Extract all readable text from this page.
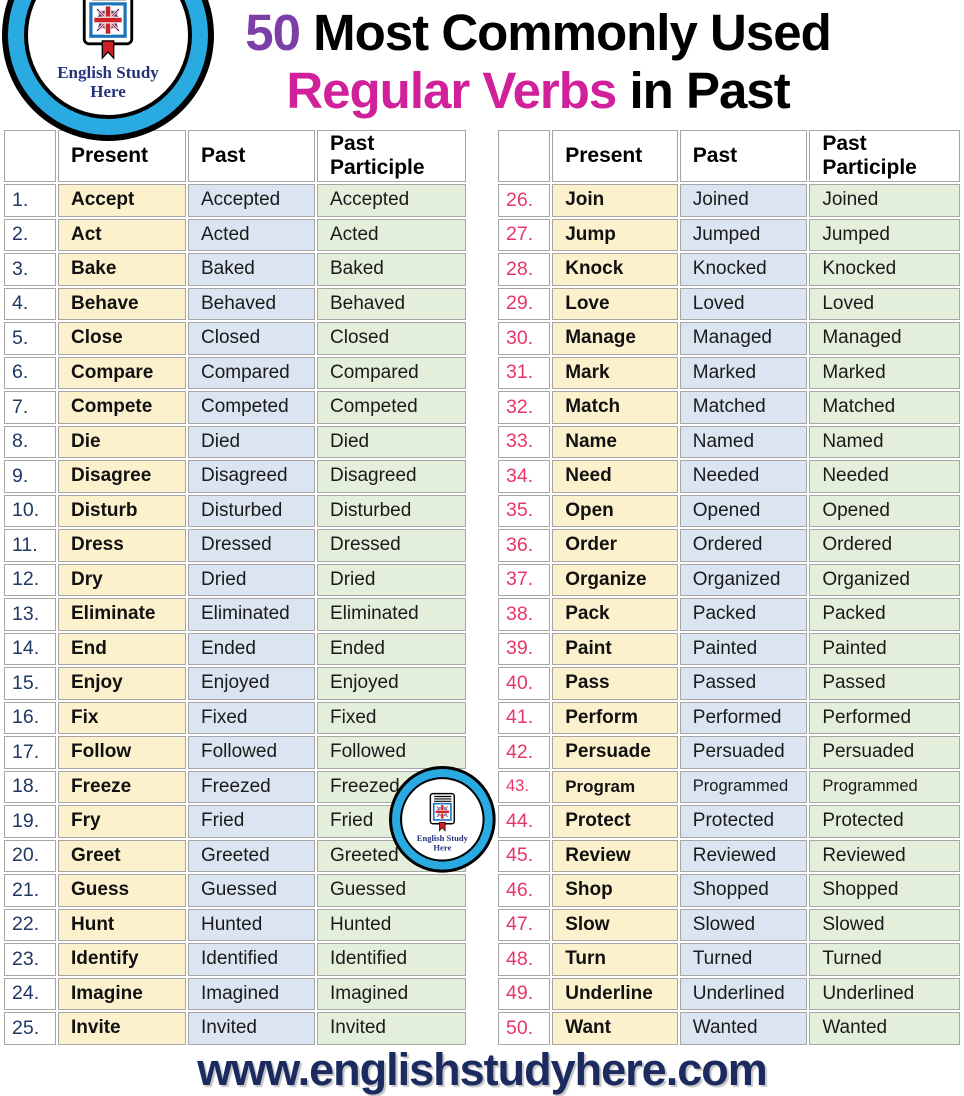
50 Most Commonly Used
Regular Verbs in Past
	Present	Past	Past Participle
1.	Accept	Accepted	Accepted
2.	Act	Acted	Acted
3.	Bake	Baked	Baked
4.	Behave	Behaved	Behaved
5.	Close	Closed	Closed
6.	Compare	Compared	Compared
7.	Compete	Competed	Competed
8.	Die	Died	Died
9.	Disagree	Disagreed	Disagreed
10.	Disturb	Disturbed	Disturbed
11.	Dress	Dressed	Dressed
12.	Dry	Dried	Dried
13.	Eliminate	Eliminated	Eliminated
14.	End	Ended	Ended
15.	Enjoy	Enjoyed	Enjoyed
16.	Fix	Fixed	Fixed
17.	Follow	Followed	Followed
18.	Freeze	Freezed	Freezed
19.	Fry	Fried	Fried
20.	Greet	Greeted	Greeted
21.	Guess	Guessed	Guessed
22.	Hunt	Hunted	Hunted
23.	Identify	Identified	Identified
24.	Imagine	Imagined	Imagined
25.	Invite	Invited	Invited
	Present	Past	Past Participle
26.	Join	Joined	Joined
27.	Jump	Jumped	Jumped
28.	Knock	Knocked	Knocked
29.	Love	Loved	Loved
30.	Manage	Managed	Managed
31.	Mark	Marked	Marked
32.	Match	Matched	Matched
33.	Name	Named	Named
34.	Need	Needed	Needed
35.	Open	Opened	Opened
36.	Order	Ordered	Ordered
37.	Organize	Organized	Organized
38.	Pack	Packed	Packed
39.	Paint	Painted	Painted
40.	Pass	Passed	Passed
41.	Perform	Performed	Performed
42.	Persuade	Persuaded	Persuaded
43.	Program	Programmed	Programmed
44.	Protect	Protected	Protected
45.	Review	Reviewed	Reviewed
46.	Shop	Shopped	Shopped
47.	Slow	Slowed	Slowed
48.	Turn	Turned	Turned
49.	Underline	Underlined	Underlined
50.	Want	Wanted	Wanted
English Study
Here
English Study
Here
www.englishstudyhere.com
